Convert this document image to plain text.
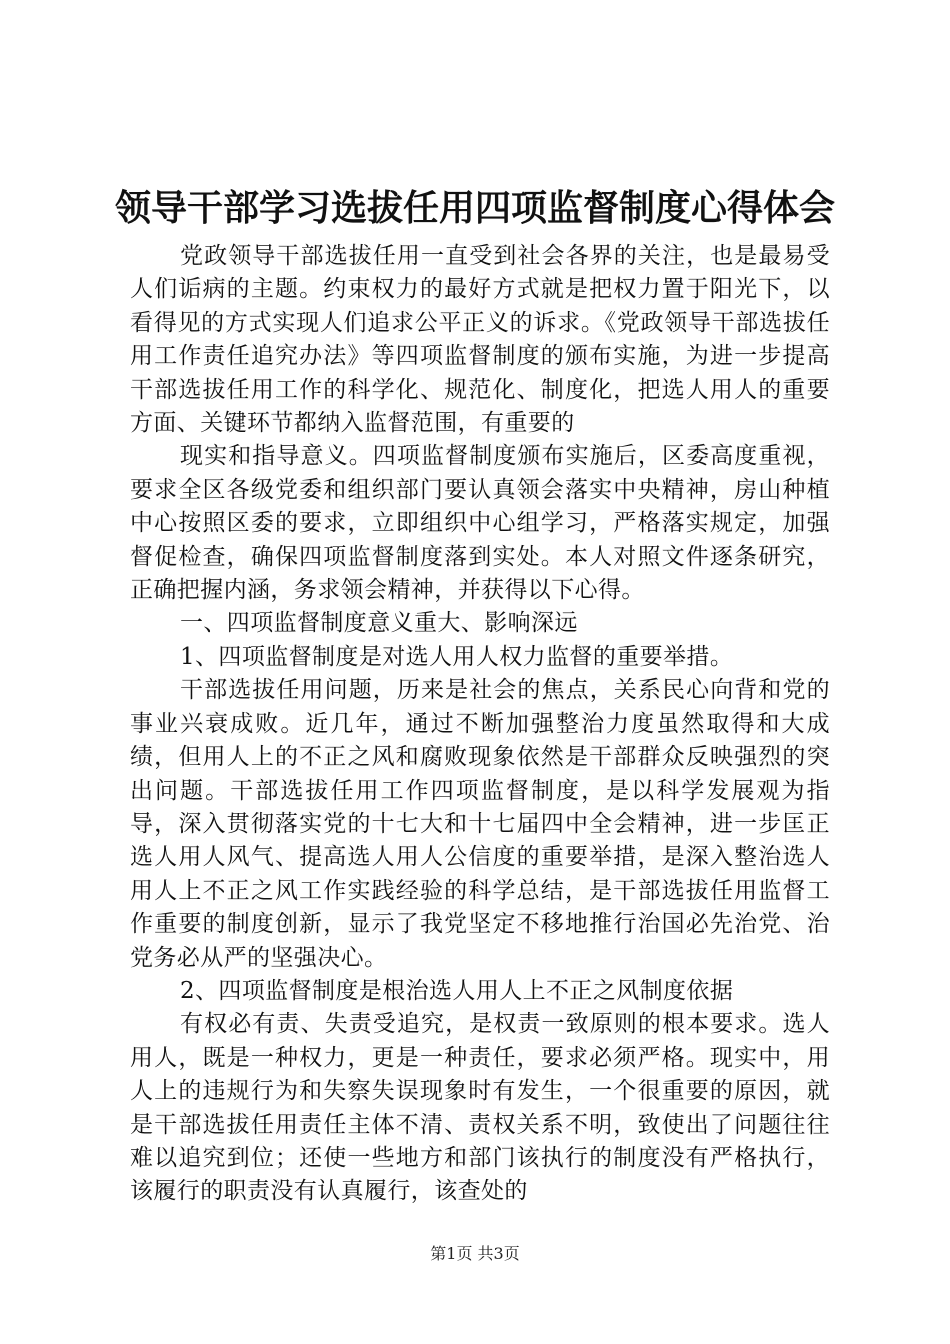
领导干部学习选拔任用四项监督制度心得体会

党政领导干部选拔任用一直受到社会各界的关注，也是最易受人们诟病的主题。约束权力的最好方式就是把权力置于阳光下，以看得见的方式实现人们追求公平正义的诉求。《党政领导干部选拔任用工作责任追究办法》等四项监督制度的颁布实施，为进一步提高干部选拔任用工作的科学化、规范化、制度化，把选人用人的重要方面、关键环节都纳入监督范围，有重要的

现实和指导意义。四项监督制度颁布实施后，区委高度重视，要求全区各级党委和组织部门要认真领会落实中央精神，房山种植中心按照区委的要求，立即组织中心组学习，严格落实规定，加强督促检查，确保四项监督制度落到实处。本人对照文件逐条研究，正确把握内涵，务求领会精神，并获得以下心得。

一、四项监督制度意义重大、影响深远

1、四项监督制度是对选人用人权力监督的重要举措。

干部选拔任用问题，历来是社会的焦点，关系民心向背和党的事业兴衰成败。近几年，通过不断加强整治力度虽然取得和大成绩，但用人上的不正之风和腐败现象依然是干部群众反映强烈的突出问题。干部选拔任用工作四项监督制度，是以科学发展观为指导，深入贯彻落实党的十七大和十七届四中全会精神，进一步匡正选人用人风气、提高选人用人公信度的重要举措，是深入整治选人用人上不正之风工作实践经验的科学总结，是干部选拔任用监督工作重要的制度创新，显示了我党坚定不移地推行治国必先治党、治党务必从严的坚强决心。

2、四项监督制度是根治选人用人上不正之风制度依据

有权必有责、失责受追究，是权责一致原则的根本要求。选人用人，既是一种权力，更是一种责任，要求必须严格。现实中，用人上的违规行为和失察失误现象时有发生，一个很重要的原因，就是干部选拔任用责任主体不清、责权关系不明，致使出了问题往往难以追究到位；还使一些地方和部门该执行的制度没有严格执行，该履行的职责没有认真履行，该查处的

第1页 共3页
